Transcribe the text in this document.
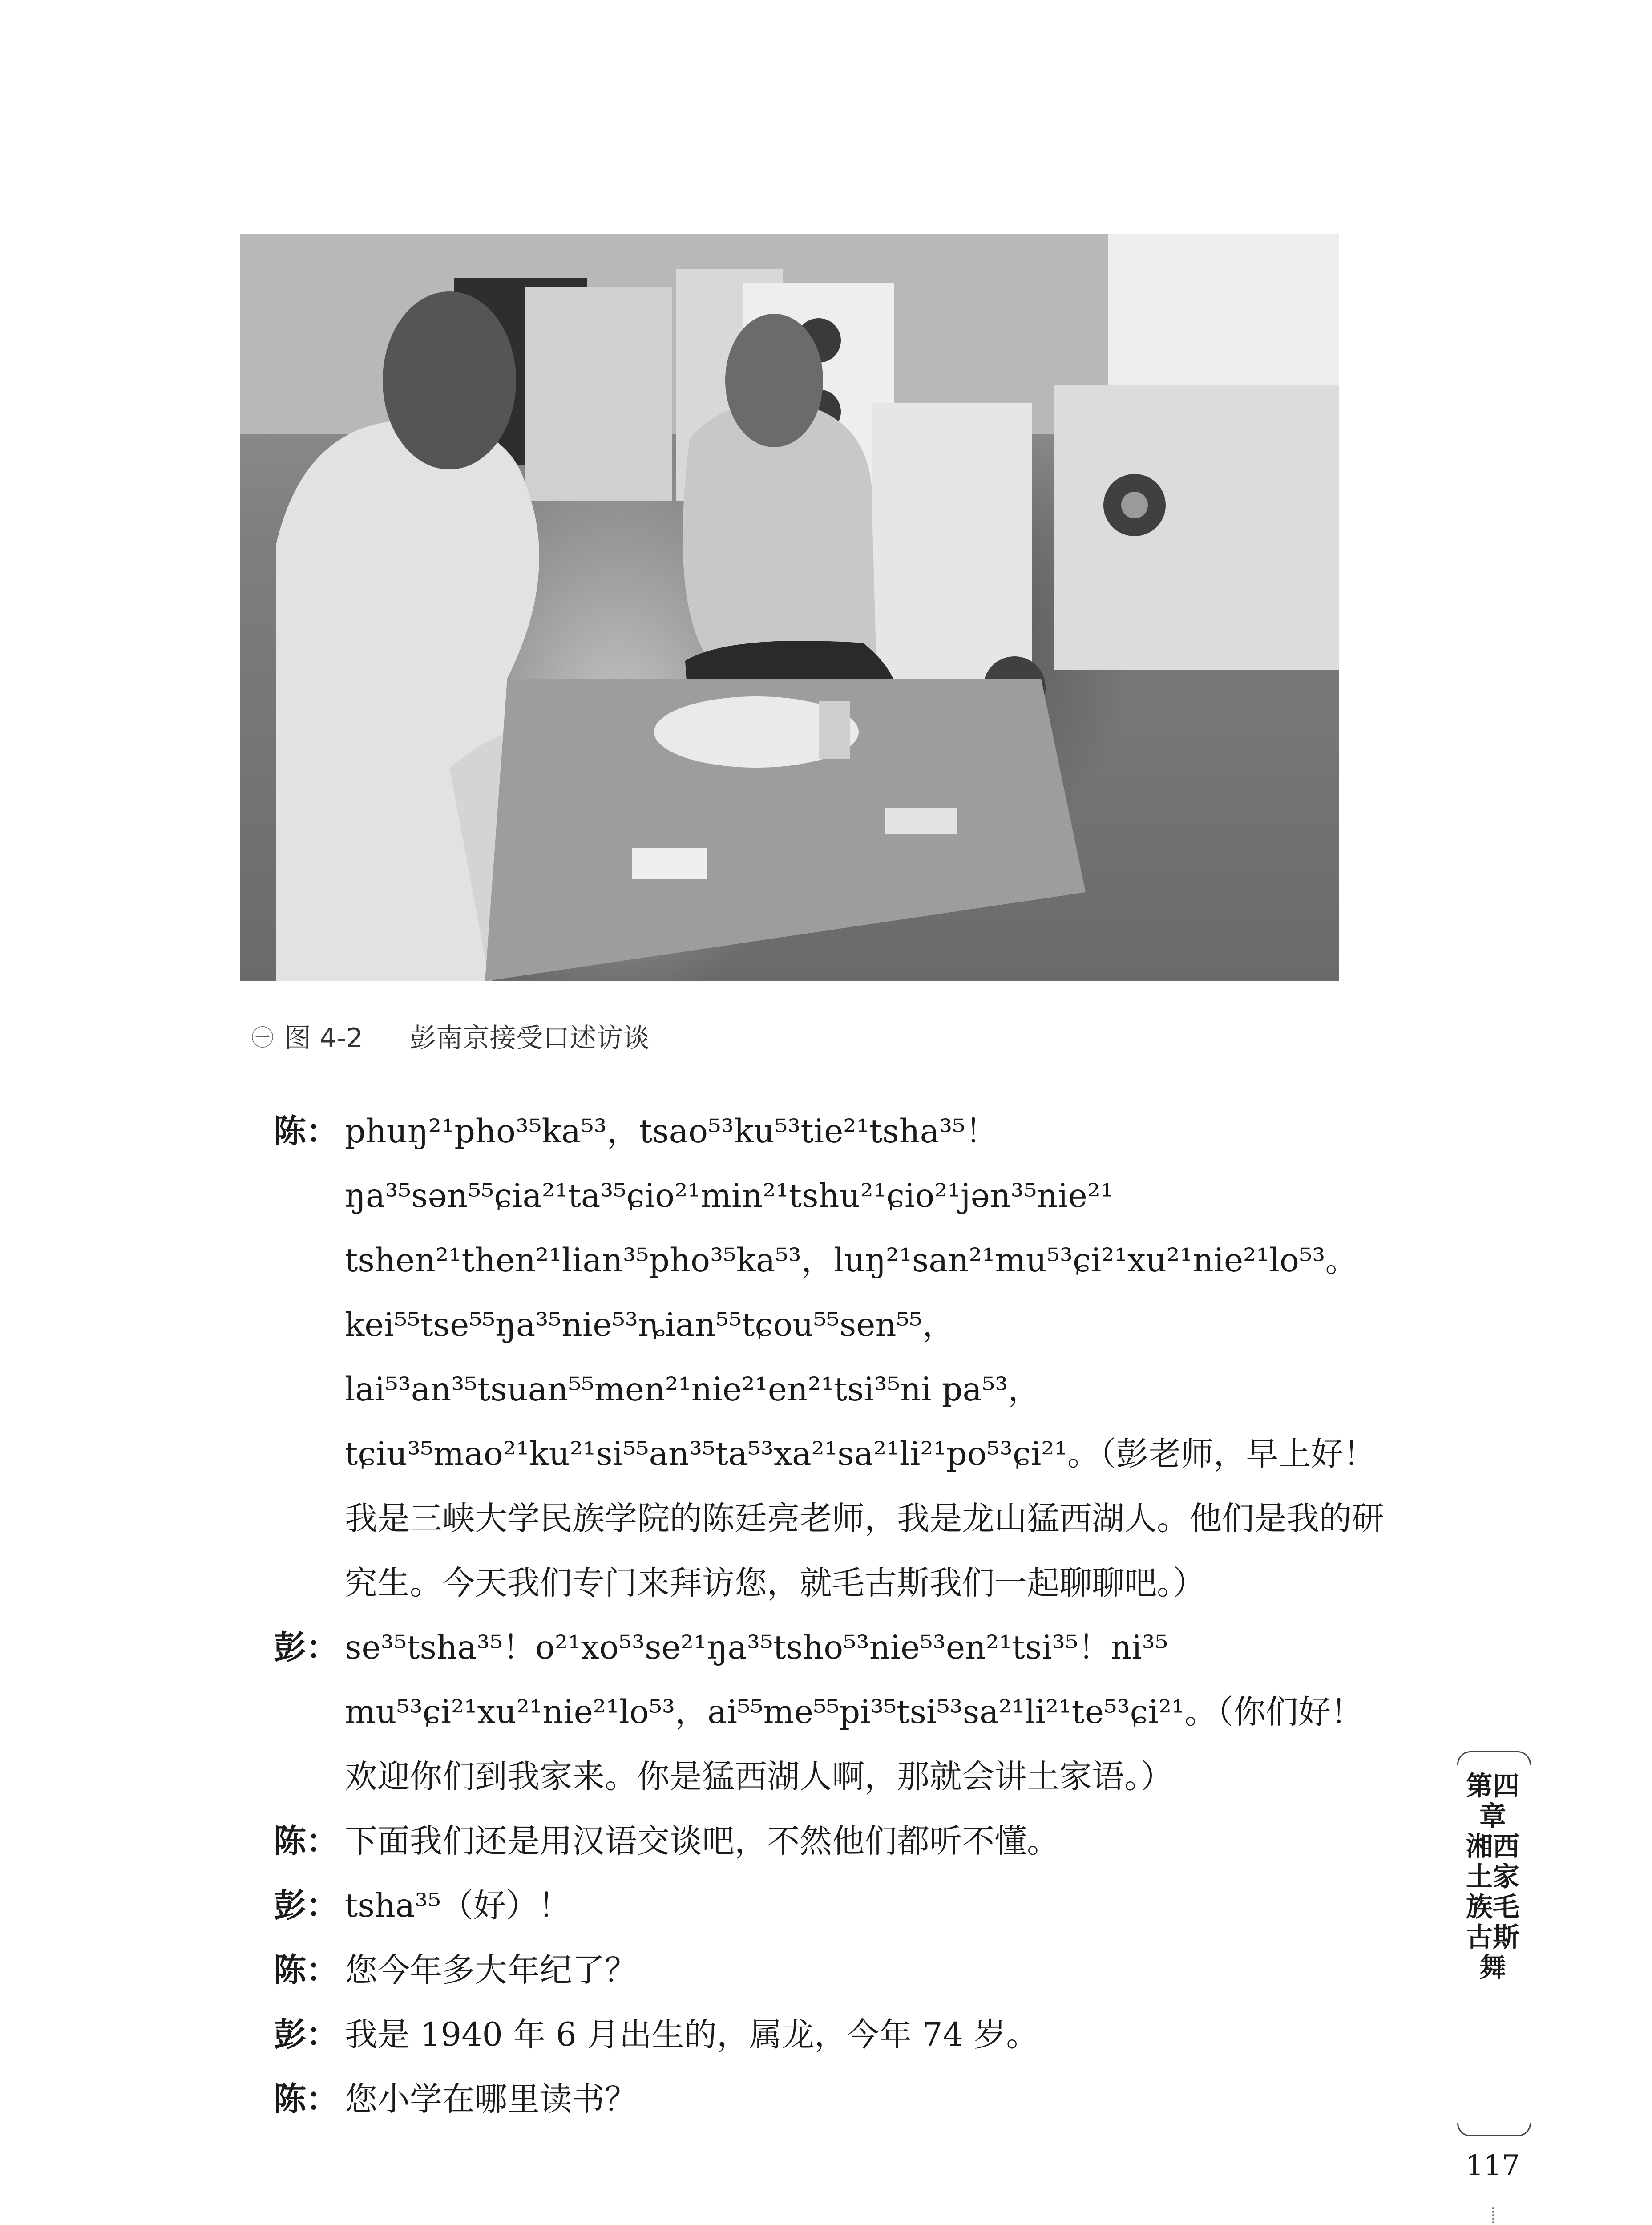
㊀ 图 4-2 彭南京接受口述访谈
陈： phuŋ²¹pho³⁵ka⁵³，tsao⁵³ku⁵³tie²¹tsha³⁵！ŋa³⁵sən⁵⁵ɕia²¹ta³⁵ɕio²¹min²¹tshu²¹ɕio²¹jən³⁵nie²¹ tshen²¹then²¹lian³⁵pho³⁵ka⁵³，luŋ²¹san²¹mu⁵³ɕi²¹xu²¹nie²¹lo⁵³。kei⁵⁵tse⁵⁵ŋa³⁵nie⁵³ȵian⁵⁵tɕou⁵⁵sen⁵⁵，lai⁵³an³⁵tsuan⁵⁵men²¹nie²¹en²¹tsi³⁵ni pa⁵³，tɕiu³⁵mao²¹ku²¹si⁵⁵an³⁵ta⁵³xa²¹sa²¹li²¹po⁵³ɕi²¹。（彭老师，早上好！我是三峡大学民族学院的陈廷亮老师，我是龙山猛西湖人。他们是我的研究生。今天我们专门来拜访您，就毛古斯我们一起聊聊吧。）
彭： se³⁵tsha³⁵！o²¹xo⁵³se²¹ŋa³⁵tsho⁵³nie⁵³en²¹tsi³⁵！ni³⁵ mu⁵³ɕi²¹xu²¹nie²¹lo⁵³，ai⁵⁵me⁵⁵pi³⁵tsi⁵³sa²¹li²¹te⁵³ɕi²¹。（你们好！欢迎你们到我家来。你是猛西湖人啊，那就会讲土家语。）
陈： 下面我们还是用汉语交谈吧，不然他们都听不懂。
彭： tsha³⁵（好）！
陈： 您今年多大年纪了？
彭： 我是 1940 年 6 月出生的，属龙，今年 74 岁。
陈： 您小学在哪里读书？
第四章 湘西土家族毛古斯舞
117
